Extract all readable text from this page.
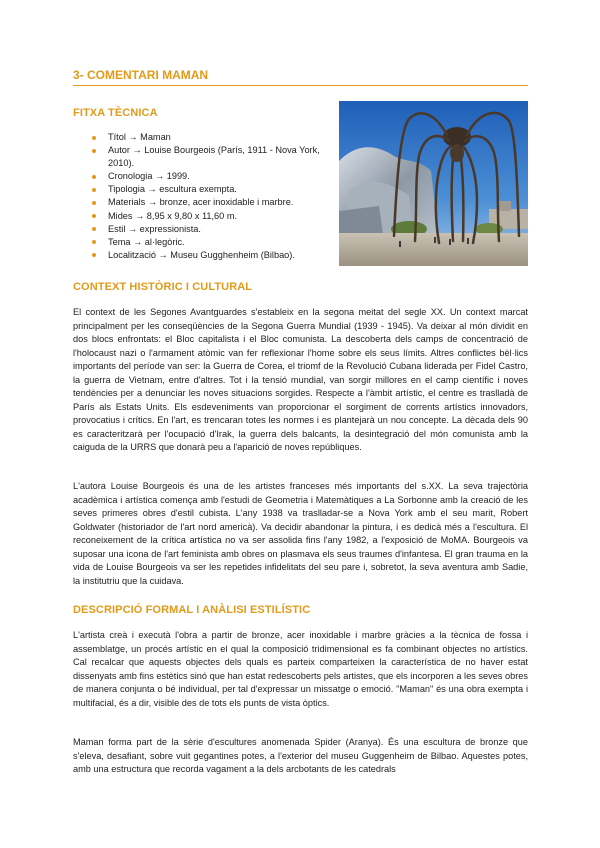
3- COMENTARI MAMAN
FITXA TÈCNICA
Títol → Maman
Autor → Louise Bourgeois (París, 1911 - Nova York, 2010).
Cronologia → 1999.
Tipologia → escultura exempta.
Materials → bronze, acer inoxidable i marbre.
Mides → 8,95 x 9,80 x 11,60 m.
Estil → expressionista.
Tema → al·legòric.
Localització → Museu Gugghenheim (Bilbao).
CONTEXT HISTÒRIC I CULTURAL

El context de les Segones Avantguardes s'estableix en la segona meitat del segle XX. Un context marcat principalment per les conseqüències de la Segona Guerra Mundial (1939 - 1945). Va deixar al món dividit en dos blocs enfrontats: el Bloc capitalista i el Bloc comunista. La descoberta dels camps de concentració de l'holocaust nazi o l'armament atòmic van fer reflexionar l'home sobre els seus límits. Altres conflictes bèl·lics importants del període van ser: la Guerra de Corea, el triomf de la Revolució Cubana liderada per Fidel Castro, la guerra de Vietnam, entre d'altres. Tot i la tensió mundial, van sorgir millores en el camp científic i noves tendències per a denunciar les noves situacions sorgides. Respecte a l'àmbit artístic, el centre es traslladà de París als Estats Units. Els esdeveniments van proporcionar el sorgiment de corrents artístics innovadors, provocatius i crítics. En l'art, es trencaran totes les normes i es plantejarà un nou concepte. La dècada dels 90 es caracteritzarà per l'ocupació d'Irak, la guerra dels balcants, la desintegració del món comunista amb la caiguda de la URRS que donarà peu a l'aparició de noves repúbliques.

L'autora Louise Bourgeois és una de les artistes franceses més importants del s.XX. La seva trajectòria acadèmica i artística comença amb l'estudi de Geometria i Matemàtiques a La Sorbonne amb la creació de les seves primeres obres d'estil cubista. L'any 1938 va traslladar-se a Nova York amb el seu marit, Robert Goldwater (historiador de l'art nord americà). Va decidir abandonar la pintura, i es dedicà més a l'escultura. El reconeixement de la crítica artística no va ser assolida fins l'any 1982, a l'exposició de MoMA. Bourgeois va suposar una icona de l'art feminista amb obres on plasmava els seus traumes d'infantesa. El gran trauma en la vida de Louise Bourgeois va ser les repetides infidelitats del seu pare i, sobretot, la seva aventura amb Sadie, la institutriu que la cuidava.

DESCRIPCIÓ FORMAL I ANÀLISI ESTILÍSTIC

L'artista creà i executà l'obra a partir de bronze, acer inoxidable i marbre gràcies a la tècnica de fossa i assemblatge, un procés artístic en el qual la composició tridimensional es fa combinant objectes no artístics. Cal recalcar que aquests objectes dels quals es parteix comparteixen la característica de no haver estat dissenyats amb fins estètics sinó que han estat redescoberts pels artistes, que els incorporen a les seves obres de manera conjunta o bé individual, per tal d'expressar un missatge o emoció. "Maman" és una obra exempta i multifacial, és a dir, visible des de tots els punts de vista òptics.

Maman forma part de la sèrie d'escultures anomenada Spider (Aranya). És una escultura de bronze que s'eleva, desafiant, sobre vuit gegantines potes, a l'exterior del museu Guggenheim de Bilbao. Aquestes potes, amb una estructura que recorda vagament a la dels arcbotants de les catedrals
